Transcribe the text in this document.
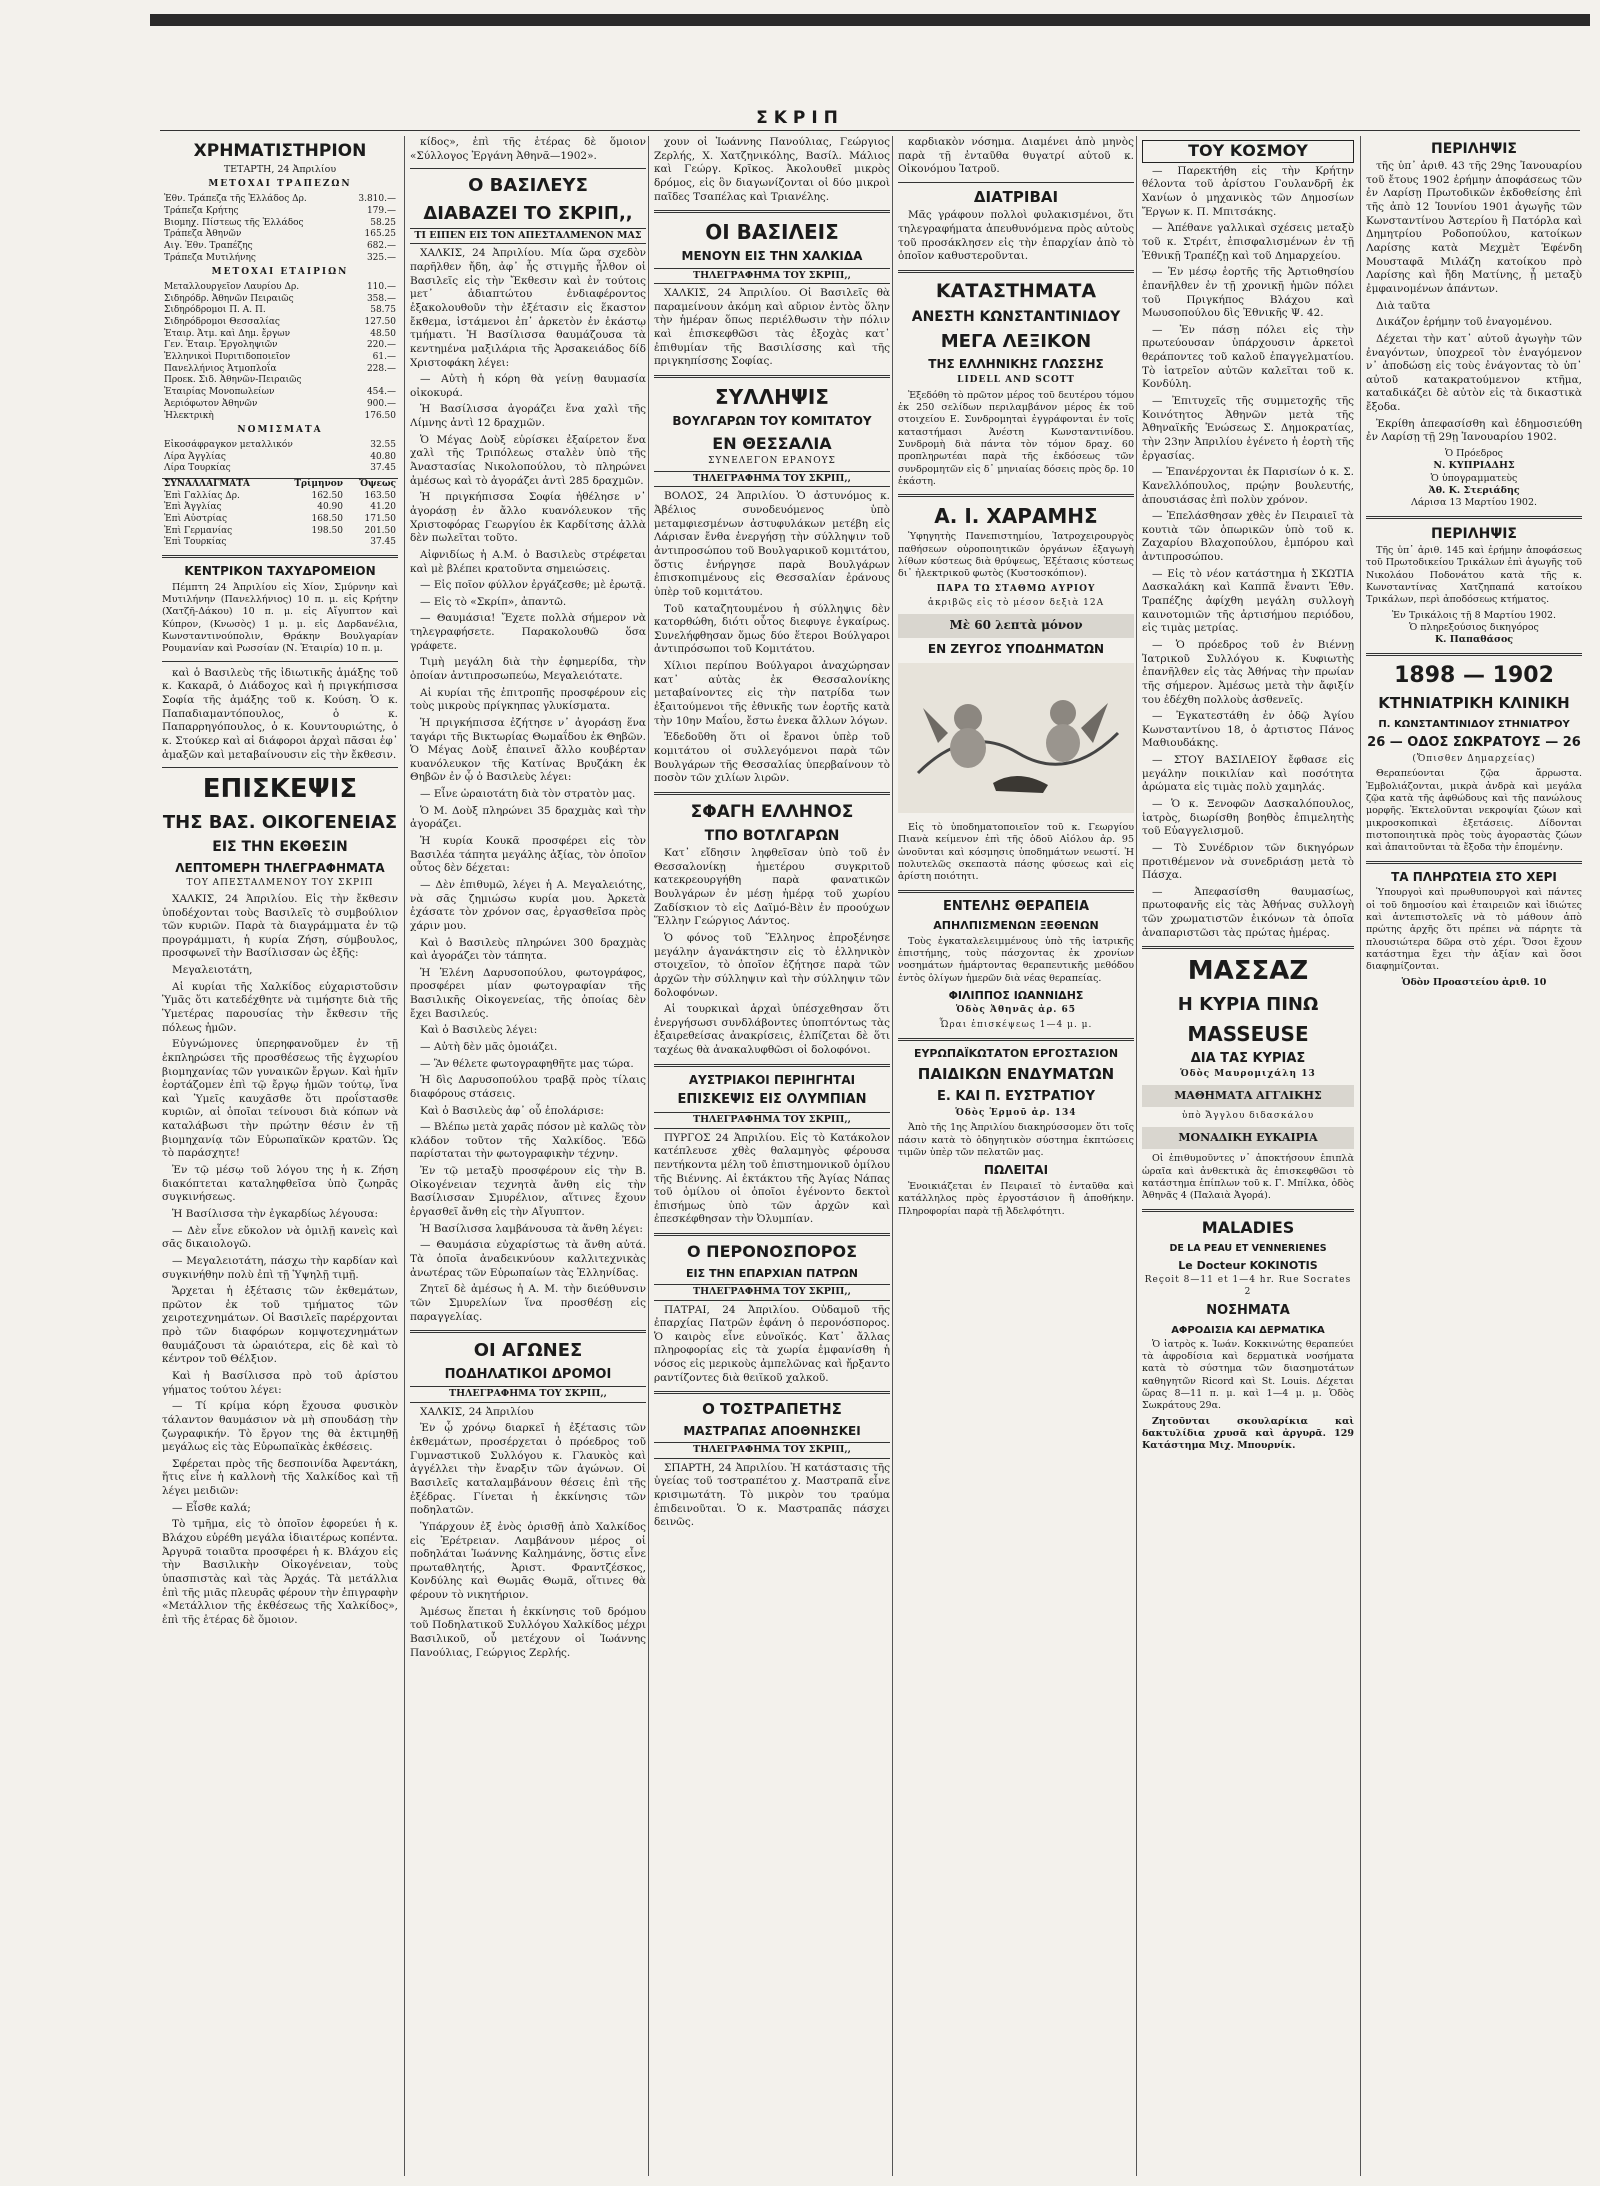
ΣΚΡΙΠ
ΧΡΗΜΑΤΙΣΤΗΡΙΟΝ
ΤΕΤΑΡΤΗ, 24 Ἀπριλίου
ΜΕΤΟΧΑΙ ΤΡΑΠΕΖΩΝ
Ἐθν. Τράπεζα τῆς Ἑλλάδος Δρ.	3.810.—
Τράπεζα Κρήτης	179.—
Βιομηχ. Πίστεως τῆς Ἑλλάδος	58.25
Τράπεζα Ἀθηνῶν	165.25
Αιγ. Ἐθν. Τραπέζης	682.—
Τράπεζα Μυτιλήνης	325.—
ΜΕΤΟΧΑΙ ΕΤΑΙΡΙΩΝ
Μεταλλουργεῖον Λαυρίου Δρ.	110.—
Σιδηρόδρ. Ἀθηνῶν Πειραιῶς	358.—
Σιδηρόδρομοι Π. Α. Π.	58.75
Σιδηρόδρομοι Θεσσαλίας	127.50
Ἑταιρ. Ἀτμ. καὶ Δημ. ἔργων	48.50
Γεν. Ἑταιρ. Ἐργοληψιῶν	220.—
Ἑλληνικοὶ Πυριτιδοποιεῖον	61.—
Πανελλήνιος Ἀτμοπλοΐα	228.—
Προεκ. Σιδ. Ἀθηνῶν-Πειραιῶς	
Ἑταιρίας Μονοπωλείων	454.—
Ἀεριόφωτον Ἀθηνῶν	900.—
Ἠλεκτρικὴ	176.50
ΝΟΜΙΣΜΑΤΑ
Εἰκοσάφραγκον μεταλλικόν	32.55
Λίρα Ἀγγλίας	40.80
Λίρα Τουρκίας	37.45
ΣΥΝΑΛΛΑΓΜΑΤΑ	Τρίμηνον	Ὄψεως
Ἐπὶ Γαλλίας Δρ.	162.50	163.50
Ἐπὶ Ἀγγλίας	40.90	41.20
Ἐπὶ Αὐστρίας	168.50	171.50
Ἐπὶ Γερμανίας	198.50	201.50
Ἐπὶ Τουρκίας		37.45
ΚΕΝΤΡΙΚΟΝ ΤΑΧΥΔΡΟΜΕΙΟΝ

Πέμπτη 24 Ἀπριλίου εἰς Χίον, Σμύρνην καὶ Μυτιλήνην (Πανελλήνιος) 10 π. μ. εἰς Κρήτην (Χατζῆ-Δάκου) 10 π. μ. εἰς Αἴγυπτον καὶ Κύπρον, (Κνωσὸς) 1 μ. μ. εἰς Δαρδανέλια, Κωνσταντινούπολιν, Θράκην Βουλγαρίαν Ρουμανίαν καὶ Ρωσσίαν (Ν. Ἑταιρία) 10 π. μ.

καὶ ὁ Βασιλεὺς τῆς ἰδιωτικῆς ἁμάξης τοῦ κ. Κακαρᾶ, ὁ Διάδοχος καὶ ἡ πριγκήπισσα Σοφία τῆς ἁμάξης τοῦ κ. Κούση. Ὁ κ. Παπαδιαμαντόπουλος, ὁ κ. Παπαρρηγόπουλος, ὁ κ. Κουντουριώτης, ὁ κ. Στούκερ καὶ αἱ διάφοροι ἀρχαὶ πᾶσαι ἐφ᾽ ἁμαξῶν καὶ μεταβαίνουσιν εἰς τὴν ἔκθεσιν.

ΕΠΙΣΚΕΨΙΣ
ΤΗΣ ΒΑΣ. ΟΙΚΟΓΕΝΕΙΑΣ
ΕΙΣ ΤΗΝ ΕΚΘΕΣΙΝ
ΛΕΠΤΟΜΕΡΗ ΤΗΛΕΓΡΑΦΗΜΑΤΑ
ΤΟΥ ΑΠΕΣΤΑΛΜΕΝΟΥ ΤΟΥ ΣΚΡΙΠ

ΧΑΛΚΙΣ, 24 Ἀπριλίου. Εἰς τὴν ἔκθεσιν ὑποδέχονται τοὺς Βασιλεῖς τὸ συμβούλιον τῶν κυριῶν. Παρὰ τὰ διαγράμματα ἐν τῷ προγράμματι, ἡ κυρία Ζήση, σύμβουλος, προσφωνεῖ τὴν Βασίλισσαν ὡς ἑξῆς:

Μεγαλειοτάτη,

Αἱ κυρίαι τῆς Χαλκίδος εὐχαριστοῦσιν Ὑμᾶς ὅτι κατεδέχθητε νὰ τιμήσητε διὰ τῆς Ὑμετέρας παρουσίας τὴν ἔκθεσιν τῆς πόλεως ἡμῶν.

Εὐγνώμονες ὑπερηφανοῦμεν ἐν τῇ ἐκπληρώσει τῆς προσθέσεως τῆς ἐγχωρίου βιομηχανίας τῶν γυναικῶν ἔργων. Καὶ ἡμῖν ἑορτάζομεν ἐπὶ τῷ ἔργῳ ἡμῶν τούτῳ, ἵνα καὶ Ὑμεῖς καυχᾶσθε ὅτι προΐστασθε κυριῶν, αἱ ὁποῖαι τείνουσι διὰ κόπων νὰ καταλάβωσι τὴν πρώτην θέσιν ἐν τῇ βιομηχανίᾳ τῶν Εὐρωπαϊκῶν κρατῶν. Ὡς τὸ παράσχητε!

Ἐν τῷ μέσῳ τοῦ λόγου της ἡ κ. Ζήση διακόπτεται καταληφθεῖσα ὑπὸ ζωηρᾶς συγκινήσεως.

Ἡ Βασίλισσα τὴν ἐγκαρδίως λέγουσα:

— Δὲν εἶνε εὔκολον νὰ ὁμιλῇ κανεὶς καὶ σᾶς δικαιολογῶ.

— Μεγαλειοτάτη, πάσχω τὴν καρδίαν καὶ συγκινήθην πολὺ ἐπὶ τῇ Ὑψηλῇ τιμῇ.

Ἄρχεται ἡ ἐξέτασις τῶν ἐκθεμάτων, πρῶτον ἐκ τοῦ τμήματος τῶν χειροτεχνημάτων. Οἱ Βασιλεῖς παρέρχονται πρὸ τῶν διαφόρων κομψοτεχνημάτων θαυμάζουσι τὰ ὡραιότερα, εἰς δὲ καὶ τὸ κέντρον τοῦ Θέλξιον.

Καὶ ἡ Βασίλισσα πρὸ τοῦ ἀρίστου γήματος τούτου λέγει:

— Τί κρίμα κόρη ἔχουσα φυσικὸν τάλαντον θαυμάσιον νὰ μὴ σπουδάσῃ τὴν ζωγραφικήν. Τὸ ἔργον της θὰ ἐκτιμηθῇ μεγάλως εἰς τὰς Εὐρωπαϊκὰς ἐκθέσεις.

Σφέρεται πρὸς τῆς δεσποινίδα Ἀφεντάκη, ἥτις εἶνε ἡ καλλονὴ τῆς Χαλκίδος καὶ τῇ λέγει μειδιῶν:

— Εἶσθε καλά;

Τὸ τμῆμα, εἰς τὸ ὁποῖον ἐφορεύει ἡ κ. Βλάχου εὐρέθη μεγάλα ἰδιαιτέρως κοπέντα. Ἀργυρᾶ τοιαῦτα προσφέρει ἡ κ. Βλάχου εἰς τὴν Βασιλικὴν Οἰκογένειαν, τοὺς ὑπασπιστὰς καὶ τὰς Ἀρχάς. Τὰ μετάλλια ἐπὶ τῆς μιᾶς πλευρᾶς φέρουν τὴν ἐπιγραφὴν «Μετάλλιον τῆς ἐκθέσεως τῆς Χαλκίδος», ἐπὶ τῆς ἑτέρας δὲ ὅμοιον.

κίδος», ἐπὶ τῆς ἑτέρας δὲ ὅμοιον «Σύλλογος Ἐργάνη Ἀθηνᾶ—1902».

Ο ΒΑΣΙΛΕΥΣ
ΔΙΑΒΑΖΕΙ ΤΟ ΣΚΡΙΠ,,
ΤΙ ΕΙΠΕΝ ΕΙΣ ΤΟΝ ΑΠΕΣΤΑΛΜΕΝΟΝ ΜΑΣ

ΧΑΛΚΙΣ, 24 Ἀπριλίου. Μία ὥρα σχεδὸν παρῆλθεν ἤδη, ἀφ᾽ ἧς στιγμῆς ἦλθον οἱ Βασιλεῖς εἰς τὴν Ἔκθεσιν καὶ ἐν τούτοις μετ᾽ ἀδιαπτώτου ἐνδιαφέροντος ἐξακολουθοῦν τὴν ἐξέτασιν εἰς ἕκαστον ἔκθεμα, ἰστάμενοι ἐπ᾽ ἀρκετὸν ἐν ἑκάστῳ τμήματι. Ἡ Βασίλισσα θαυμάζουσα τὰ κεντημένα μαξιλάρια τῆς Ἀρσακειάδος δίδ Χριστοφάκη λέγει:

— Αὐτὴ ἡ κόρη θὰ γείνῃ θαυμασία οἰκοκυρά.

Ἡ Βασίλισσα ἀγοράζει ἕνα χαλὶ τῆς Λίμνης ἀντὶ 12 δραχμῶν.

Ὁ Μέγας Δοὺξ εὑρίσκει ἐξαίρετον ἕνα χαλὶ τῆς Τριπόλεως σταλὲν ὑπὸ τῆς Ἀναστασίας Νικολοπούλου, τὸ πληρώνει ἀμέσως καὶ τὸ ἀγοράζει ἀντὶ 285 δραχμῶν.

Ἡ πριγκήπισσα Σοφία ἠθέλησε ν᾽ ἀγοράσῃ ἐν ἄλλο κυανόλευκον τῆς Χριστοφόρας Γεωργίου ἐκ Καρδίτσης ἀλλὰ δὲν πωλεῖται τοῦτο.

Αἰφνιδίως ἡ Α.Μ. ὁ Βασιλεὺς στρέφεται καὶ μὲ βλέπει κρατοῦντα σημειώσεις.

— Εἰς ποῖον φύλλον ἐργάζεσθε; μὲ ἐρωτᾷ.

— Εἰς τὸ «Σκρίπ», ἀπαντῶ.

— Θαυμάσια! Ἔχετε πολλὰ σήμερον νὰ τηλεγραφήσετε. Παρακολουθῶ ὅσα γράφετε.

Τιμὴ μεγάλη διὰ τὴν ἐφημερίδα, τὴν ὁποίαν ἀντιπροσωπεύω, Μεγαλειότατε.

Αἱ κυρίαι τῆς ἐπιτροπῆς προσφέρουν εἰς τοὺς μικροὺς πρίγκηπας γλυκίσματα.

Ἡ πριγκήπισσα ἐζήτησε ν᾽ ἀγοράσῃ ἕνα ταγάρι τῆς Βικτωρίας Θωμαΐδου ἐκ Θηβῶν. Ὁ Μέγας Δοὺξ ἐπαινεῖ ἄλλο κουβέρταν κυανόλευκον τῆς Κατίνας Βρυζάκη ἐκ Θηβῶν ἐν ᾧ ὁ Βασιλεὺς λέγει:

— Εἶνε ὡραιοτάτη διὰ τὸν στρατὸν μας.

Ὁ Μ. Δοὺξ πληρώνει 35 δραχμὰς καὶ τὴν ἀγοράζει.

Ἡ κυρία Κουκᾶ προσφέρει εἰς τὸν Βασιλέα τάπητα μεγάλης ἀξίας, τὸν ὁποῖον οὗτος δὲν δέχεται:

— Δὲν ἐπιθυμῶ, λέγει ἡ Α. Μεγαλειότης, νὰ σᾶς ζημιώσω κυρία μου. Ἀρκετὰ ἐχάσατε τὸν χρόνον σας, ἐργασθεῖσα πρὸς χάριν μου.

Καὶ ὁ Βασιλεὺς πληρώνει 300 δραχμὰς καὶ ἀγοράζει τὸν τάπητα.

Ἡ Ἑλένη Δαρυσοπούλου, φωτογράφος, προσφέρει μίαν φωτογραφίαν τῆς Βασιλικῆς Οἰκογενείας, τῆς ὁποίας δὲν ἔχει Βασιλεύς.

Καὶ ὁ Βασιλεὺς λέγει:

— Αὐτὴ δὲν μᾶς ὁμοιάζει.

— Ἂν θέλετε φωτογραφηθῆτε μας τώρα.

Ἡ δὶς Δαρυσοπούλου τραβᾷ πρὸς τίλαις διαφόρους στάσεις.

Καὶ ὁ Βασιλεὺς ἀφ᾽ οὗ ἐπολάρισε:

— Βλέπω μετὰ χαρᾶς πόσον μὲ καλῶς τὸν κλάδον τοῦτον τῆς Χαλκίδος. Ἐδῶ παρίσταται τὴν φωτογραφικὴν τέχνην.

Ἐν τῷ μεταξὺ προσφέρουν εἰς τὴν Β. Οἰκογένειαν τεχνητὰ ἄνθη εἰς τὴν Βασίλισσαν Σμυρέλιον, αἵτινες ἔχουν ἐργασθεῖ ἄνθη εἰς τὴν Αἴγυπτον.

Ἡ Βασίλισσα λαμβάνουσα τὰ ἄνθη λέγει:

— Θαυμάσια εὐχαρίστως τὰ ἄνθη αὐτά. Τὰ ὁποῖα ἀναδεικνύουν καλλιτεχνικὰς ἀνωτέρας τῶν Εὐρωπαίων τὰς Ἑλληνίδας.

Ζητεῖ δὲ ἀμέσως ἡ Α. Μ. τὴν διεύθυνσιν τῶν Σμυρελίων ἵνα προσθέσῃ εἰς παραγγελίας.

ΟΙ ΑΓΩΝΕΣ
ΠΟΔΗΛΑΤΙΚΟΙ ΔΡΟΜΟΙ
ΤΗΛΕΓΡΑΦΗΜΑ ΤΟΥ ΣΚΡΙΠ,,

ΧΑΛΚΙΣ, 24 Ἀπριλίου

Ἐν ᾧ χρόνῳ διαρκεῖ ἡ ἐξέτασις τῶν ἐκθεμάτων, προσέρχεται ὁ πρόεδρος τοῦ Γυμναστικοῦ Συλλόγου κ. Γλαυκὸς καὶ ἀγγέλλει τὴν ἔναρξιν τῶν ἀγώνων. Οἱ Βασιλεῖς καταλαμβάνουν θέσεις ἐπὶ τῆς ἐξέδρας. Γίνεται ἡ ἐκκίνησις τῶν ποδηλατῶν.

Ὑπάρχουν ἐξ ἑνὸς ὀρισθῇ ἀπὸ Χαλκίδος εἰς Ἐρέτρειαν. Λαμβάνουν μέρος οἱ ποδηλάται Ἰωάννης Καλημάνης, ὅστις εἶνε πρωταθλητής, Ἀριστ. Φραντζέσκος, Κονδύλης καὶ Θωμᾶς Θωμᾶ, οἵτινες θὰ φέρουν τὸ νικητήριον.

Ἀμέσως ἕπεται ἡ ἐκκίνησις τοῦ δρόμου τοῦ Ποδηλατικοῦ Συλλόγου Χαλκίδος μέχρι Βασιλικοῦ, οὗ μετέχουν οἱ Ἰωάννης Πανούλιας, Γεώργιος Ζερλής.

χουν οἱ Ἰωάννης Πανούλιας, Γεώργιος Ζερλής, Χ. Χατζηνικόλης, Βασίλ. Μάλιος καὶ Γεώργ. Κρῖκος. Ἀκολουθεῖ μικρὸς δρόμος, εἰς ὃν διαγωνίζονται οἱ δύο μικροὶ παῖδες Τσαπέλας καὶ Τριανέλης.

ΟΙ ΒΑΣΙΛΕΙΣ
ΜΕΝΟΥΝ ΕΙΣ ΤΗΝ ΧΑΛΚΙΔΑ
ΤΗΛΕΓΡΑΦΗΜΑ ΤΟΥ ΣΚΡΙΠ,,

ΧΑΛΚΙΣ, 24 Ἀπριλίου. Οἱ Βασιλεῖς θὰ παραμείνουν ἀκόμη καὶ αὔριον ἐντὸς ὅλην τὴν ἡμέραν ὅπως περιέλθωσιν τὴν πόλιν καὶ ἐπισκεφθῶσι τὰς ἐξοχὰς κατ᾽ ἐπιθυμίαν τῆς Βασιλίσσης καὶ τῆς πριγκηπίσσης Σοφίας.

ΣΥΛΛΗΨΙΣ
ΒΟΥΛΓΑΡΩΝ ΤΟΥ ΚΟΜΙΤΑΤΟΥ
ΕΝ ΘΕΣΣΑΛΙΑ
ΣΥΝΕΛΕΓΟΝ ΕΡΑΝΟΥΣ
ΤΗΛΕΓΡΑΦΗΜΑ ΤΟΥ ΣΚΡΙΠ,,

ΒΟΛΟΣ, 24 Ἀπριλίου. Ὁ ἀστυνόμος κ. Ἀβέλιος συνοδευόμενος ὑπὸ μεταμφιεσμένων ἀστυφυλάκων μετέβη εἰς Λάρισαν ἔνθα ἐνεργήσῃ τὴν σύλληψιν τοῦ ἀντιπροσώπου τοῦ Βουλγαρικοῦ κομιτάτου, ὅστις ἐνήργησε παρὰ Βουλγάρων ἐπισκοπιμένους εἰς Θεσσαλίαν ἐράνους ὑπὲρ τοῦ κομιτάτου.

Τοῦ καταζητουμένου ἡ σύλληψις δὲν κατορθώθη, διότι οὗτος διεφυγε ἐγκαίρως. Συνελήφθησαν ὅμως δύο ἕτεροι Βούλγαροι ἀντιπρόσωποι τοῦ Κομιτάτου.

Χίλιοι περίπου Βούλγαροι ἀναχώρησαν κατ᾽ αὐτὰς ἐκ Θεσσαλονίκης μεταβαίνοντες εἰς τὴν πατρίδα των ἐξαιτούμενοι τῆς ἐθνικῆς των ἑορτῆς κατὰ τὴν 10ην Μαΐου, ἔστω ἐνεκα ἄλλων λόγων.

Ἐδεδοῦθη ὅτι οἱ ἔρανοι ὑπὲρ τοῦ κομιτάτου οἱ συλλεγόμενοι παρὰ τῶν Βουλγάρων τῆς Θεσσαλίας ὑπερβαίνουν τὸ ποσὸν τῶν χιλίων λιρῶν.

ΣΦΑΓΗ ΕΛΛΗΝΟΣ
ΤΠΟ ΒΟΤΛΓΑΡΩΝ

Κατ᾽ εἴδησιν ληφθεῖσαν ὑπὸ τοῦ ἐν Θεσσαλονίκῃ ἡμετέρου συγκριτοῦ κατεκρεουργήθη παρὰ φανατικῶν Βουλγάρων ἐν μέσῃ ἡμέρᾳ τοῦ χωρίου Ζαδίσκιον τὸ εἰς Δαϊμό-Βὲιν ἐν προούχων Ἕλλην Γεώργιος Λάντος.

Ὁ φόνος τοῦ Ἕλληνος ἐπροξένησε μεγάλην ἀγανάκτησιν εἰς τὸ ἑλληνικὸν στοιχεῖον, τὸ ὁποῖον ἐζήτησε παρὰ τῶν ἀρχῶν τὴν σύλληψιν καὶ τὴν σύλληψιν τῶν δολοφόνων.

Αἱ τουρκικαὶ ἀρχαὶ ὑπέσχεθησαν ὅτι ἐνεργήσωσι συνδλάβοντες ὑποπτόντως τὰς ἐξαιρεθείσας ἀνακρίσεις, ἐλπίζεται δὲ ὅτι ταχέως θὰ ἀνακαλυφθῶσι οἱ δολοφόνοι.

ΑΥΣΤΡΙΑΚΟΙ ΠΕΡΙΗΓΗΤΑΙ
ΕΠΙΣΚΕΨΙΣ ΕΙΣ ΟΛΥΜΠΙΑΝ
ΤΗΛΕΓΡΑΦΗΜΑ ΤΟΥ ΣΚΡΙΠ,,

ΠΥΡΓΟΣ 24 Ἀπριλίου. Εἰς τὸ Κατάκολον κατέπλευσε χθὲς θαλαμηγὸς φέρουσα πεντήκοντα μέλη τοῦ ἐπιστημονικοῦ ὁμίλου τῆς Βιέννης. Αἱ ἐκτάκτου τῆς Ἀγίας Νάπας τοῦ ὁμίλου οἱ ὁποῖοι ἐγένοντο δεκτοὶ ἐπισήμως ὑπὸ τῶν ἀρχῶν καὶ ἐπεσκέφθησαν τὴν Ὀλυμπίαν.

Ο ΠΕΡΟΝΟΣΠΟΡΟΣ
ΕΙΣ ΤΗΝ ΕΠΑΡΧΙΑΝ ΠΑΤΡΩΝ
ΤΗΛΕΓΡΑΦΗΜΑ ΤΟΥ ΣΚΡΙΠ,,

ΠΑΤΡΑΙ, 24 Ἀπριλίου. Οὐδαμοῦ τῆς ἐπαρχίας Πατρῶν ἐφάνη ὁ περονόσπορος. Ὁ καιρὸς εἶνε εὐνοϊκός. Κατ᾽ ἄλλας πληροφορίας εἰς τὰ χωρία ἐμφανίσθη ἡ νόσος εἰς μερικοὺς ἀμπελῶνας καὶ ἤρξαντο ραντίζοντες διὰ θειϊκοῦ χαλκοῦ.

Ο ΤΟΣΤΡΑΠΕΤΗΣ
ΜΑΣΤΡΑΠΑΣ ΑΠΟΘΝΗΣΚΕΙ
ΤΗΛΕΓΡΑΦΗΜΑ ΤΟΥ ΣΚΡΙΠ,,

ΣΠΑΡΤΗ, 24 Ἀπριλίου. Ἡ κατάστασις τῆς ὑγείας τοῦ τοστραπέτου χ. Μαστραπᾶ εἶνε κρισιμωτάτη. Τὸ μικρὸν του τραύμα ἐπιδεινοῦται. Ὁ κ. Μαστραπᾶς πάσχει δεινῶς.

καρδιακὸν νόσημα. Διαμένει ἀπὸ μηνὸς παρὰ τῇ ἐνταῦθα θυγατρί αὐτοῦ κ. Οἰκονόμου Ἰατροῦ.

ΔΙΑΤΡΙΒΑΙ

Μᾶς γράφουν πολλοὶ φυλακισμένοι, ὅτι τηλεγραφήματα ἀπευθυνόμενα πρὸς αὐτοὺς τοῦ προσάκλησεν εἰς τὴν ἐπαρχίαν ἀπὸ τὸ ὁποῖον καθυστεροῦνται.

ΚΑΤΑΣΤΗΜΑΤΑ
ΑΝΕΣΤΗ ΚΩΝΣΤΑΝΤΙΝΙΔΟΥ
ΜΕΓΑ ΛΕΞΙΚΟΝ
ΤΗΣ ΕΛΛΗΝΙΚΗΣ ΓΛΩΣΣΗΣ
LIDELL AND SCOTT

Ἐξεδόθη τὸ πρῶτον μέρος τοῦ δευτέρου τόμου ἐκ 250 σελίδων περιλαμβάνον μέρος ἐκ τοῦ στοιχείου Ε. Συνδρομηταὶ ἐγγράφονται ἐν τοῖς καταστήμασι Ἀνέστη Κωνσταντινίδου. Συνδρομὴ διὰ πάντα τὸν τόμον δραχ. 60 προπληρωτέαι παρὰ τῆς ἐκδόσεως τῶν συνδρομητῶν εἰς δ᾽ μηνιαίας δόσεις πρὸς δρ. 10 ἑκάστη.

Α. Ι. ΧΑΡΑΜΗΣ

Ὑφηγητὴς Πανεπιστημίου, Ἰατροχειρουργὸς παθήσεων οὐροποιητικῶν ὀργάνων ἐξαγωγὴ λίθων κύστεως διὰ θρύψεως, Ἐξέτασις κύστεως δι᾽ ἠλεκτρικοῦ φωτὸς (Κυστοσκόπιον).

ΠΑΡΑ ΤΩ ΣΤΑΘΜΩ ΑΥΡΙΟΥ
ἀκριβῶς εἰς τὸ μέσον δεξιὰ 12Α
Μὲ 60 λεπτὰ μόνον
ΕΝ ΖΕΥΓΟΣ ΥΠΟΔΗΜΑΤΩΝ

Εἰς τὸ ὑποδηματοποιεῖον τοῦ κ. Γεωργίου Πιανὰ κείμενον ἐπὶ τῆς ὁδοῦ Αἰόλου ἀρ. 95 ὠνοῦνται καὶ κόσμησις ὑποδημάτων νεωστί. Ἡ πολυτελῶς σκεπαστὰ πάσης φύσεως καὶ εἰς ἀρίστη ποιότητι.

ΕΝΤΕΛΗΣ ΘΕΡΑΠΕΙΑ
ΑΠΗΛΠΙΣΜΕΝΩΝ ΞΕΘΕΝΩΝ

Τοὺς ἐγκαταλελειμμένους ὑπὸ τῆς ἰατρικῆς ἐπιστήμης, τοὺς πάσχοντας ἐκ χρονίων νοσημάτων ἡμάρτοντας θεραπευτικῆς μεθόδου ἐντὸς ὀλίγων ἡμερῶν διὰ νέας θεραπείας.

ΦΙΛΙΠΠΟΣ ΙΩΑΝΝΙΔΗΣ
Ὁδὸς Ἀθηνᾶς ἀρ. 65
Ὧραι ἐπισκέψεως 1—4 μ. μ.
ΕΥΡΩΠΑΪΚΩΤΑΤΟΝ ΕΡΓΟΣΤΑΣΙΟΝ
ΠΑΙΔΙΚΩΝ ΕΝΔΥΜΑΤΩΝ
Ε. ΚΑΙ Π. ΕΥΣΤΡΑΤΙΟΥ
Ὁδὸς Ἑρμοῦ ἀρ. 134

Ἀπὸ τῆς 1ης Ἀπριλίου διακηρύσσομεν ὅτι τοῖς πάσιν κατὰ τὸ ὁδηγητικὸν σύστημα ἐκπτώσεις τιμῶν ὑπὲρ τῶν πελατῶν μας.

ΠΩΛΕΙΤΑΙ

Ἐνοικιάζεται ἐν Πειραιεῖ τὸ ἐνταῦθα καὶ κατάλληλος πρὸς ἐργοστάσιον ἢ ἀποθήκην. Πληροφορίαι παρὰ τῇ Ἀδελφότητι.

ΤΟΥ ΚΟΣΜΟΥ

— Παρεκτήθη εἰς τὴν Κρήτην θέλοντα τοῦ ἀρίστου Γουλανδρῆ ἐκ Χανίων ὁ μηχανικὸς τῶν Δημοσίων Ἔργων κ. Π. Μπιτσάκης.

— Ἀπέθανε γαλλικαὶ σχέσεις μεταξὺ τοῦ κ. Στρέιτ, ἐπισφαλισμένων ἐν τῇ Ἐθνικῇ Τραπέζῃ καὶ τοῦ Δημαρχείου.

— Ἐν μέσῳ ἑορτῆς τῆς Ἀρτιοθησίου ἐπανῆλθεν ἐν τῇ χρονικῇ ἡμῶν πόλει τοῦ Πριγκήπος Βλάχου καὶ Μωυσοπούλου δὶς Ἐθνικῆς Ψ. 42.

— Ἐν πάσῃ πόλει εἰς τὴν πρωτεύουσαν ὑπάρχουσιν ἀρκετοὶ θεράποντες τοῦ καλοῦ ἐπαγγελματίου. Τὸ ἱατρεῖον αὐτῶν καλεῖται τοῦ κ. Κονδύλη.

— Ἐπιτυχεῖς τῆς συμμετοχῆς τῆς Κοινότητος Ἀθηνῶν μετὰ τῆς Ἀθηναϊκῆς Ἐνώσεως Σ. Δημοκρατίας, τὴν 23ην Ἀπριλίου ἐγένετο ἡ ἑορτὴ τῆς ἐργασίας.

— Ἐπανέρχονται ἐκ Παρισίων ὁ κ. Σ. Κανελλόπουλος, πρῴην βουλευτής, ἀπουσιάσας ἐπὶ πολὺν χρόνον.

— Ἐπελάσθησαν χθὲς ἐν Πειραιεῖ τὰ κουτιὰ τῶν ὁπωρικῶν ὑπὸ τοῦ κ. Ζαχαρίου Βλαχοπούλου, ἐμπόρου καὶ ἀντιπροσώπου.

— Εἰς τὸ νέον κατάστημα ἡ ΣΚΩΤΙΑ Δασκαλάκη καὶ Καππᾶ ἔναντι Ἐθν. Τραπέζης ἀφίχθη μεγάλη συλλογὴ καινοτομιῶν τῆς ἀρτισήμου περιόδου, εἰς τιμὰς μετρίας.

— Ὁ πρόεδρος τοῦ ἐν Βιέννῃ Ἰατρικοῦ Συλλόγου κ. Κυφιωτὴς ἐπανῆλθεν εἰς τὰς Ἀθήνας τὴν πρωίαν τῆς σήμερον. Ἀμέσως μετὰ τὴν ἄφιξίν του ἐδέχθη πολλοὺς ἀσθενεῖς.

— Ἐγκατεστάθη ἐν ὁδῷ Ἀγίου Κωνσταντίνου 18, ὁ ἀρτιστος Πάνος Μαθιουδάκης.

— ΣΤΟΥ ΒΑΣΙΛΕΙΟΥ ἔφθασε εἰς μεγάλην ποικιλίαν καὶ ποσότητα ἀρώματα εἰς τιμὰς πολὺ χαμηλάς.

— Ὁ κ. Ξενοφῶν Δασκαλόπουλος, ἰατρὸς, διωρίσθη βοηθὸς ἐπιμελητὴς τοῦ Εὐαγγελισμοῦ.

— Τὸ Συνέδριον τῶν δικηγόρων προτιθέμενον νὰ συνεδριάσῃ μετὰ τὸ Πάσχα.

— Ἀπεφασίσθη θαυμασίως, πρωτοφανῆς εἰς τὰς Ἀθήνας συλλογὴ τῶν χρωματιστῶν ἐικόνων τὰ ὁποῖα ἀναπαριστῶσι τὰς πρώτας ἡμέρας.

ΜΑΣΣΑΖ
Η ΚΥΡΙΑ ΠΙΝΩ
MASSEUSE
ΔΙΑ ΤΑΣ ΚΥΡΙΑΣ
Ὁδὸς Μαυρομιχάλη 13
ΜΑΘΗΜΑΤΑ ΑΓΓΛΙΚΗΣ
ὑπὸ Ἄγγλου διδασκάλου
ΜΟΝΑΔΙΚΗ ΕΥΚΑΙΡΙΑ

Οἱ ἐπιθυμοῦντες ν᾽ ἀποκτήσουν ἐπιπλὰ ὡραῖα καὶ ἀνθεκτικὰ ἂς ἐπισκεφθῶσι τὸ κατάστημα ἐπίπλων τοῦ κ. Γ. Μπίλκα, ὁδὸς Ἀθηνᾶς 4 (Παλαιὰ Ἀγορά).

MALADIES
DE LA PEAU ET VENNERIENES
Le Docteur KOKINOTIS
Reçoit 8—11 et 1—4 hr. Rue Socrates 2
ΝΟΣΗΜΑΤΑ
ΑΦΡΟΔΙΣΙΑ ΚΑΙ ΔΕΡΜΑΤΙΚΑ

Ὁ ἰατρὸς κ. Ἰωάν. Κοκκινώτης θεραπεύει τὰ ἀφροδίσια καὶ δερματικὰ νοσήματα κατὰ τὸ σύστημα τῶν διασημοτάτων καθηγητῶν Ricord καὶ St. Louis. Δέχεται ὥρας 8—11 π. μ. καὶ 1—4 μ. μ. Ὁδὸς Σωκράτους 29α.

Ζητοῦνται σκουλαρίκια καὶ δακτυλίδια χρυσᾶ καὶ ἀργυρᾶ. 129 Κατάστημα Μιχ. Μπουρνίκ.

ΠΕΡΙΛΗΨΙΣ

τῆς ὑπ᾽ ἀριθ. 43 τῆς 29ης Ἰανουαρίου τοῦ ἔτους 1902 ἐρήμην ἀποφάσεως τῶν ἐν Λαρίσῃ Πρωτοδικῶν ἐκδοθείσης ἐπὶ τῆς ἀπὸ 12 Ἰουνίου 1901 ἀγωγῆς τῶν Κωνσταντίνου Ἀστερίου ἢ Πατόρλα καὶ Δημητρίου Ροδοπούλου, κατοίκων Λαρίσης κατὰ Μεχμὲτ Ἐφένδη Μουσταφᾶ Μιλάζη κατοίκου πρὸ Λαρίσης καὶ ἤδη Ματίνης, ᾗ μεταξὺ ἐμφαινομένων ἀπάντων.

Διὰ ταῦτα

Δικάζον ἐρήμην τοῦ ἐναγομένου.

Δέχεται τὴν κατ᾽ αὐτοῦ ἀγωγὴν τῶν ἐναγόντων, ὑποχρεοῖ τὸν ἐναγόμενον ν᾽ ἀποδώσῃ εἰς τοὺς ἐνάγοντας τὸ ὑπ᾽ αὐτοῦ κατακρατούμενον κτῆμα, καταδικάζει δὲ αὐτὸν εἰς τὰ δικαστικὰ ἔξοδα.

Ἐκρίθη ἀπεφασίσθη καὶ ἐδημοσιεύθη ἐν Λαρίσῃ τῇ 29ῃ Ἰανουαρίου 1902.

Ὁ Πρόεδρος
Ν. ΚΥΠΡΙΑΔΗΣ
Ὁ ὑπογραμματεὺς
Ἀθ. Κ. Στεριάδης
Λάρισα 13 Μαρτίου 1902.
ΠΕΡΙΛΗΨΙΣ

Τῆς ὑπ᾽ ἀριθ. 145 καὶ ἐρήμην ἀποφάσεως τοῦ Πρωτοδικείου Τρικάλων ἐπὶ ἀγωγῆς τοῦ Νικολάου Ποδονάτου κατὰ τῆς κ. Κωνσταντίνας Χατζηπαπά κατοίκου Τρικάλων, περὶ ἀποδόσεως κτήματος.

Ἐν Τρικάλοις τῇ 8 Μαρτίου 1902.
Ὁ πληρεξούσιος δικηγόρος
Κ. Παπαθάσος
1898 — 1902
ΚΤΗΝΙΑΤΡΙΚΗ ΚΛΙΝΙΚΗ
Π. ΚΩΝΣΤΑΝΤΙΝΙΔΟΥ ΣΤΗΝΙΑΤΡΟΥ
26 — ΟΔΟΣ ΣΩΚΡΑΤΟΥΣ — 26
(Ὄπισθεν Δημαρχείας)

Θεραπεύονται ζῷα ἄρρωστα. Ἐμβολιάζονται, μικρὰ ἀνδρὰ καὶ μεγάλα ζῷα κατὰ τῆς ἀφθώδους καὶ τῆς πανώλους μορφῆς. Ἐκτελοῦνται νεκροψίαι ζώων καὶ μικροσκοπικαὶ ἐξετάσεις. Δίδονται πιστοποιητικὰ πρὸς τοὺς ἀγοραστὰς ζώων καὶ ἀπαιτοῦνται τὰ ἔξοδα τὴν ἑπομένην.

ΤΑ ΠΛΗΡΩΤΕΙΑ ΣΤΟ ΧΕΡΙ

Ὑπουργοὶ καὶ πρωθυπουργοὶ καὶ πάντες οἱ τοῦ δημοσίου καὶ ἑταιρειῶν καὶ ἰδιώτες καὶ ἀντεπιστολεῖς νὰ τὸ μάθουν ἀπὸ πρώτης ἀρχῆς ὅτι πρέπει νὰ πάρητε τὰ πλουσιώτερα δῶρα στὸ χέρι. Ὅσοι ἔχουν κατάστημα ἔχει τὴν ἀξίαν καὶ ὅσοι διαφημίζονται.

Ὁδὸν Προαστείου ἀριθ. 10
